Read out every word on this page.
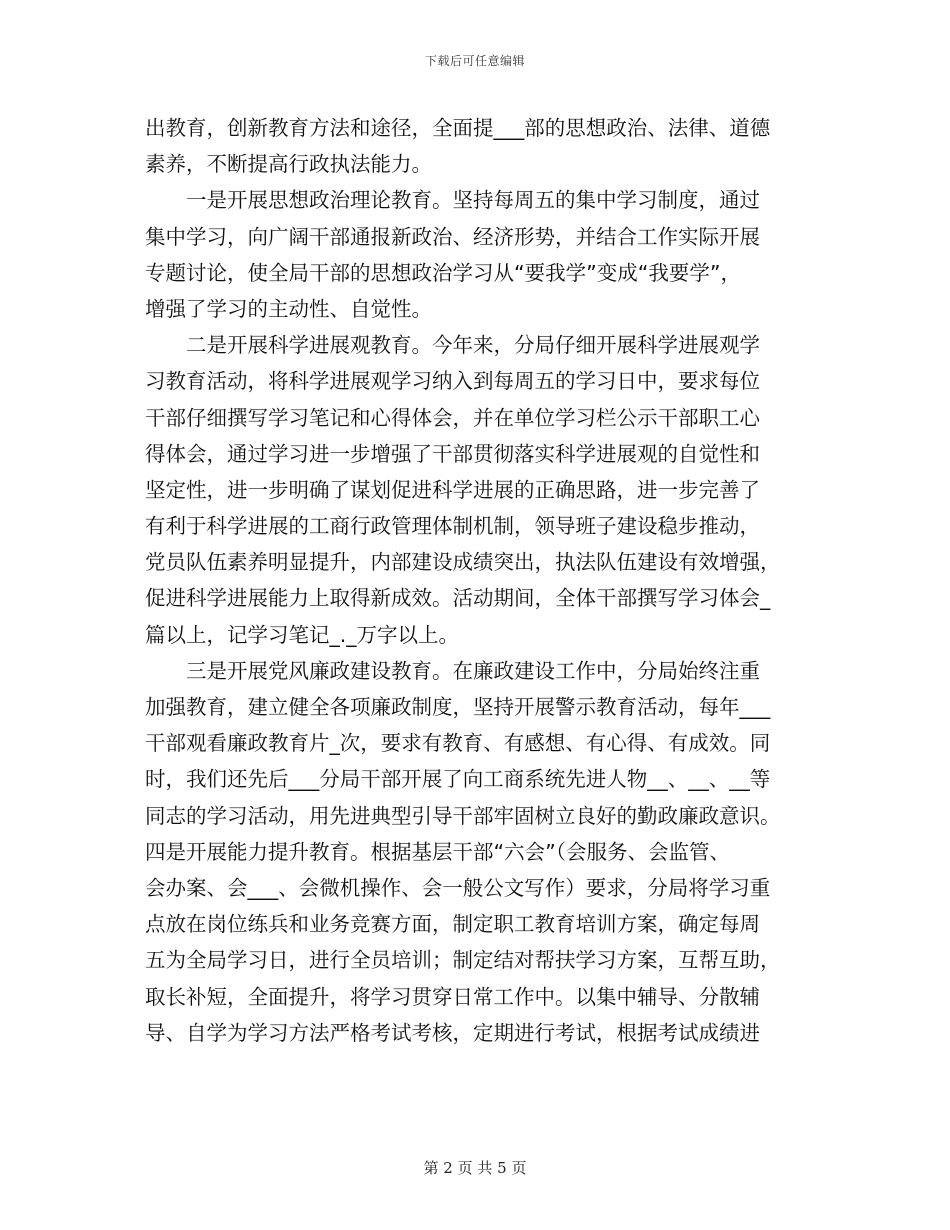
下载后可任意编辑
出教育，创新教育方法和途径，全面提___部的思想政治、法律、道德
素养，不断提高行政执法能力。
　　一是开展思想政治理论教育。坚持每周五的集中学习制度，通过
集中学习，向广阔干部通报新政治、经济形势，并结合工作实际开展
专题讨论，使全局干部的思想政治学习从“要我学”变成“我要学”，
增强了学习的主动性、自觉性。
　　二是开展科学进展观教育。今年来，分局仔细开展科学进展观学
习教育活动，将科学进展观学习纳入到每周五的学习日中，要求每位
干部仔细撰写学习笔记和心得体会，并在单位学习栏公示干部职工心
得体会，通过学习进一步增强了干部贯彻落实科学进展观的自觉性和
坚定性，进一步明确了谋划促进科学进展的正确思路，进一步完善了
有利于科学进展的工商行政管理体制机制，领导班子建设稳步推动，
党员队伍素养明显提升，内部建设成绩突出，执法队伍建设有效增强，
促进科学进展能力上取得新成效。活动期间，全体干部撰写学习体会_
篇以上，记学习笔记_._万字以上。
　　三是开展党风廉政建设教育。在廉政建设工作中，分局始终注重
加强教育，建立健全各项廉政制度，坚持开展警示教育活动，每年___
干部观看廉政教育片_次，要求有教育、有感想、有心得、有成效。同
时，我们还先后___分局干部开展了向工商系统先进人物__、__、__等
同志的学习活动，用先进典型引导干部牢固树立良好的勤政廉政意识。
四是开展能力提升教育。根据基层干部“六会”（会服务、会监管、
会办案、会___、会微机操作、会一般公文写作）要求，分局将学习重
点放在岗位练兵和业务竞赛方面，制定职工教育培训方案，确定每周
五为全局学习日，进行全员培训；制定结对帮扶学习方案，互帮互助，
取长补短，全面提升，将学习贯穿日常工作中。以集中辅导、分散辅
导、自学为学习方法严格考试考核，定期进行考试，根据考试成绩进
第 2 页 共 5 页
